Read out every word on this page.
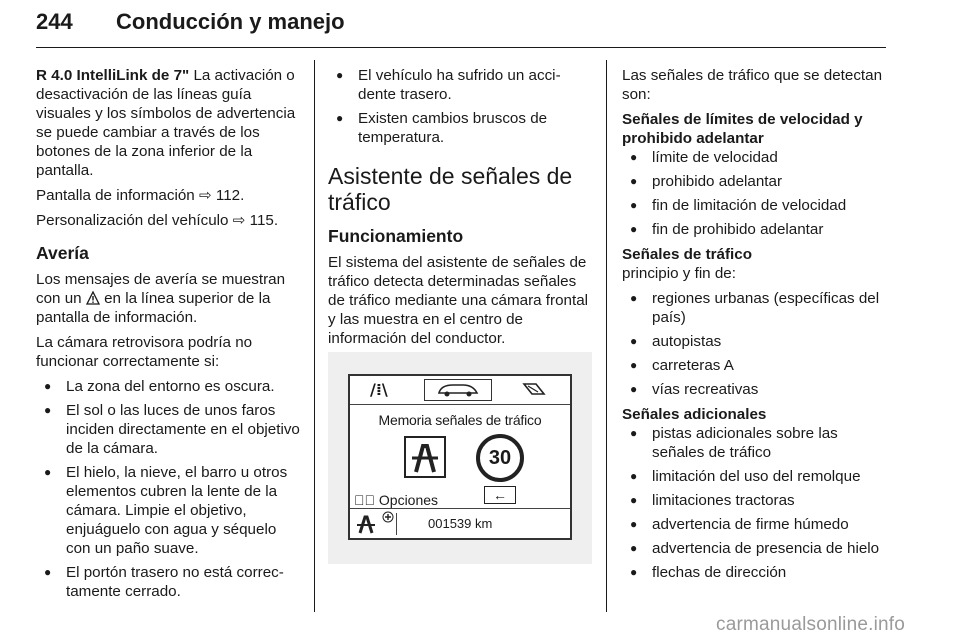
244 Conducción y manejo

R 4.0 IntelliLink de 7" La activación o desactivación de las líneas guía visuales y los símbolos de advertencia se puede cambiar a través de los botones de la zona inferior de la pantalla.

Pantalla de información ⇨ 112.

Personalización del vehículo ⇨ 115.

Avería

Los mensajes de avería se muestran con un en la línea superior de la pantalla de información.

La cámara retrovisora podría no funcionar correctamente si:

● La zona del entorno es oscura.
● El sol o las luces de unos faros inciden directamente en el objetivo de la cámara.
● El hielo, la nieve, el barro u otros elementos cubren la lente de la cámara. Limpie el objetivo, enjuáguelo con agua y séquelo con un paño suave.
● El portón trasero no está correctamente cerrado.
● El vehículo ha sufrido un accidente trasero.
● Existen cambios bruscos de temperatura.
Asistente de señales de tráfico
Funcionamiento

El sistema del asistente de señales de tráfico detecta determinadas señales de tráfico mediante una cámara frontal y las muestra en el centro de información del conductor.

/⁞\
Memoria señales de tráfico
30
✓⃝ Opciones	←
001539 km

Las señales de tráfico que se detectan son:

Señales de límites de velocidad y prohibido adelantar

● límite de velocidad
● prohibido adelantar
● fin de limitación de velocidad
● fin de prohibido adelantar

Señales de tráfico

principio y fin de:

● regiones urbanas (específicas del país)
● autopistas
● carreteras A
● vías recreativas

Señales adicionales

● pistas adicionales sobre las señales de tráfico
● limitación del uso del remolque
● limitaciones tractoras
● advertencia de firme húmedo
● advertencia de presencia de hielo
● flechas de dirección
carmanualsonline.info
